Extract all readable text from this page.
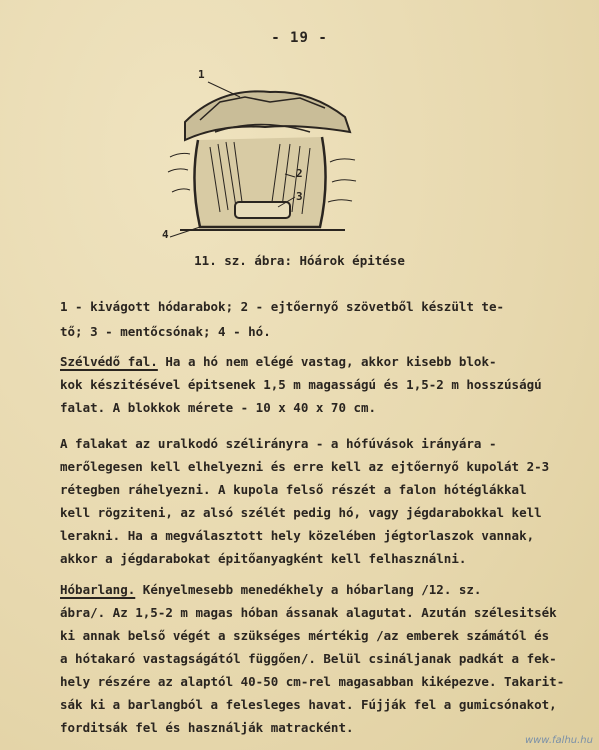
- 19 -
1
2
3
4
11. sz. ábra: Hóárok épitése
1 - kivágott hódarabok; 2 - ejtőernyő szövetből készült te-
tő; 3 - mentőcsónak; 4 - hó.
Szélvédő fal. Ha a hó nem elégé vastag, akkor kisebb blok-
kok készitésével épitsenek 1,5 m magasságú és 1,5-2 m hosszúságú
falat. A blokkok mérete - 10 x 40 x 70 cm.
A falakat az uralkodó szélirányra - a hófúvások irányára -
merőlegesen kell elhelyezni és erre kell az ejtőernyő kupolát 2-3
rétegben ráhelyezni. A kupola felső részét a falon hótéglákkal
kell rögziteni, az alsó szélét pedig hó, vagy jégdarabokkal kell
lerakni. Ha a megválasztott hely közelében jégtorlaszok vannak,
akkor a jégdarabokat épitőanyagként kell felhasználni.
Hóbarlang. Kényelmesebb menedékhely a hóbarlang /12. sz.
ábra/. Az 1,5-2 m magas hóban ássanak alagutat. Azután szélesitsék
ki annak belső végét a szükséges mértékig /az emberek számától és
a hótakaró vastagságától függően/. Belül csináljanak padkát a fek-
hely részére az alaptól 40-50 cm-rel magasabban kiképezve. Takarit-
sák ki a barlangból a felesleges havat. Fújják fel a gumicsónakot,
forditsák fel és használják matracként.
www.falhu.hu
